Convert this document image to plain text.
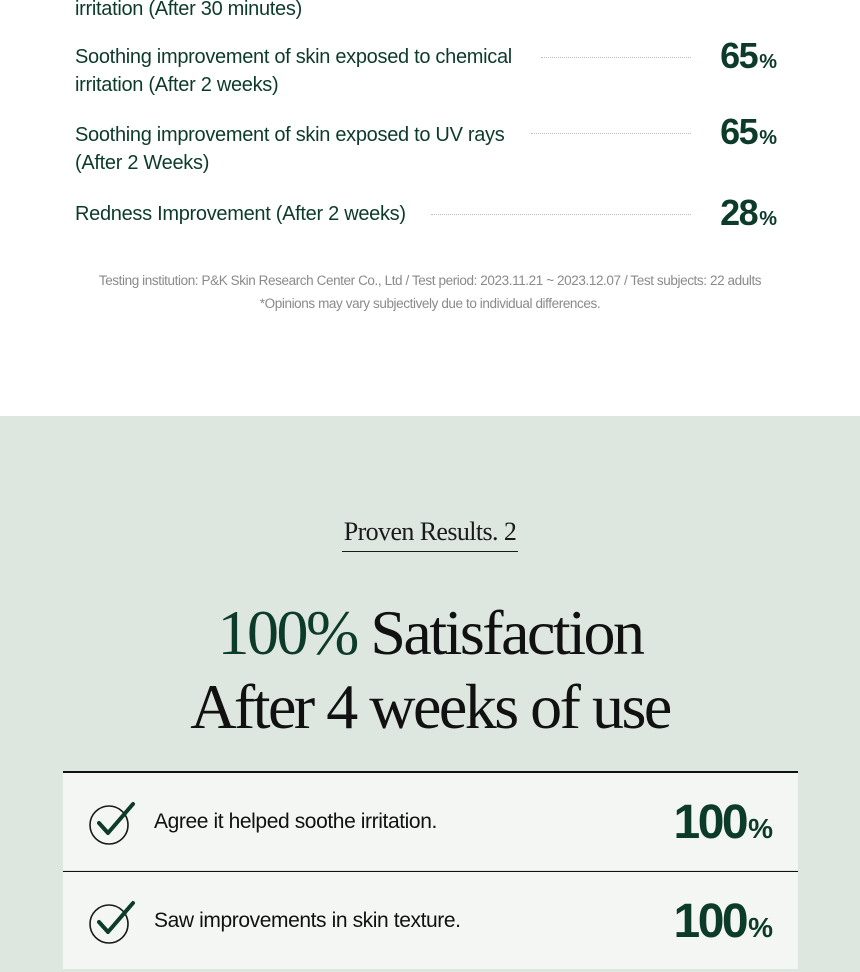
irritation (After 30 minutes)
Soothing improvement of skin exposed to chemical
irritation (After 2 weeks)
65 %
Soothing improvement of skin exposed to UV rays
(After 2 Weeks)
65 %
Redness Improvement (After 2 weeks)	28 %
Testing institution: P&K Skin Research Center Co., Ltd / Test period: 2023.11.21 ~ 2023.12.07 / Test subjects: 22 adults
*Opinions may vary subjectively due to individual differences.
Proven Results. 2
100% Satisfaction
After 4 weeks of use
Agree it helped soothe irritation.	100%
Saw improvements in skin texture.	100%
